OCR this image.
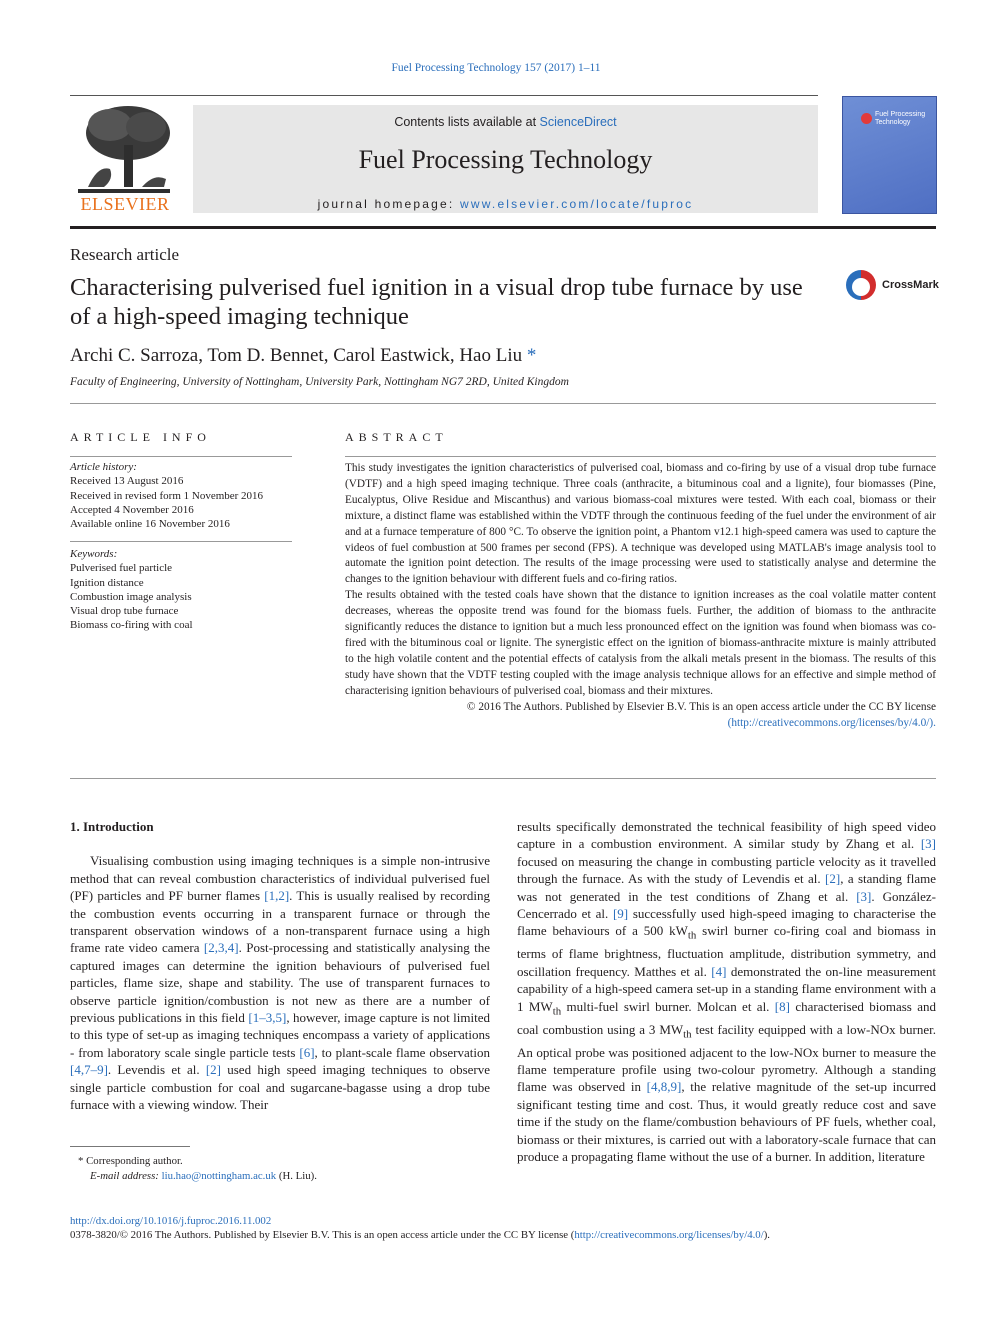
Fuel Processing Technology 157 (2017) 1–11
ELSEVIER
Contents lists available at ScienceDirect
Fuel Processing Technology
journal homepage: www.elsevier.com/locate/fuproc
Fuel Processing Technology
Research article
Characterising pulverised fuel ignition in a visual drop tube furnace by use of a high-speed imaging technique
CrossMark
Archi C. Sarroza, Tom D. Bennet, Carol Eastwick, Hao Liu *
Faculty of Engineering, University of Nottingham, University Park, Nottingham NG7 2RD, United Kingdom
ARTICLE INFO	ABSTRACT
Article history:
Received 13 August 2016
Received in revised form 1 November 2016
Accepted 4 November 2016
Available online 16 November 2016
Keywords:
Pulverised fuel particle
Ignition distance
Combustion image analysis
Visual drop tube furnace
Biomass co-firing with coal

This study investigates the ignition characteristics of pulverised coal, biomass and co-firing by use of a visual drop tube furnace (VDTF) and a high speed imaging technique. Three coals (anthracite, a bituminous coal and a lignite), four biomasses (Pine, Eucalyptus, Olive Residue and Miscanthus) and various biomass-coal mixtures were tested. With each coal, biomass or their mixture, a distinct flame was established within the VDTF through the continuous feeding of the fuel under the environment of air and at a furnace temperature of 800 °C. To observe the ignition point, a Phantom v12.1 high-speed camera was used to capture the videos of fuel combustion at 500 frames per second (FPS). A technique was developed using MATLAB's image analysis tool to automate the ignition point detection. The results of the image processing were used to statistically analyse and determine the changes to the ignition behaviour with different fuels and co-firing ratios.

The results obtained with the tested coals have shown that the distance to ignition increases as the coal volatile matter content decreases, whereas the opposite trend was found for the biomass fuels. Further, the addition of biomass to the anthracite significantly reduces the distance to ignition but a much less pronounced effect on the ignition was found when biomass was co-fired with the bituminous coal or lignite. The synergistic effect on the ignition of biomass-anthracite mixture is mainly attributed to the high volatile content and the potential effects of catalysis from the alkali metals present in the biomass. The results of this study have shown that the VDTF testing coupled with the image analysis technique allows for an effective and simple method of characterising ignition behaviours of pulverised coal, biomass and their mixtures.

© 2016 The Authors. Published by Elsevier B.V. This is an open access article under the CC BY license
(http://creativecommons.org/licenses/by/4.0/).
1. Introduction

Visualising combustion using imaging techniques is a simple non-intrusive method that can reveal combustion characteristics of individual pulverised fuel (PF) particles and PF burner flames [1,2]. This is usually realised by recording the combustion events occurring in a transparent furnace or through the transparent observation windows of a non-transparent furnace using a high frame rate video camera [2,3,4]. Post-processing and statistically analysing the captured images can determine the ignition behaviours of pulverised fuel particles, flame size, shape and stability. The use of transparent furnaces to observe particle ignition/combustion is not new as there are a number of previous publications in this field [1–3,5], however, image capture is not limited to this type of set-up as imaging techniques encompass a variety of applications - from laboratory scale single particle tests [6], to plant-scale flame observation [4,7–9]. Levendis et al. [2] used high speed imaging techniques to observe single particle combustion for coal and sugarcane-bagasse using a drop tube furnace with a viewing window. Their

results specifically demonstrated the technical feasibility of high speed video capture in a combustion environment. A similar study by Zhang et al. [3] focused on measuring the change in combusting particle velocity as it travelled through the furnace. As with the study of Levendis et al. [2], a standing flame was not generated in the test conditions of Zhang et al. [3]. González-Cencerrado et al. [9] successfully used high-speed imaging to characterise the flame behaviours of a 500 $kW_{th}$ swirl burner co-firing coal and biomass in terms of flame brightness, fluctuation amplitude, distribution symmetry, and oscillation frequency. Matthes et al. [4] demonstrated the on-line measurement capability of a high-speed camera set-up in a standing flame environment with a 1 $MW_{th}$ multi-fuel swirl burner. Molcan et al. [8] characterised biomass and coal combustion using a 3 $MW_{th}$ test facility equipped with a low-NOx burner. An optical probe was positioned adjacent to the low-NOx burner to measure the flame temperature profile using two-colour pyrometry. Although a standing flame was observed in [4,8,9], the relative magnitude of the set-up incurred significant testing time and cost. Thus, it would greatly reduce cost and save time if the study on the flame/combustion behaviours of PF fuels, whether coal, biomass or their mixtures, is carried out with a laboratory-scale furnace that can produce a propagating flame without the use of a burner. In addition, literature

* Corresponding author.
E-mail address: liu.hao@nottingham.ac.uk (H. Liu).
http://dx.doi.org/10.1016/j.fuproc.2016.11.002
0378-3820/© 2016 The Authors. Published by Elsevier B.V. This is an open access article under the CC BY license (http://creativecommons.org/licenses/by/4.0/).
